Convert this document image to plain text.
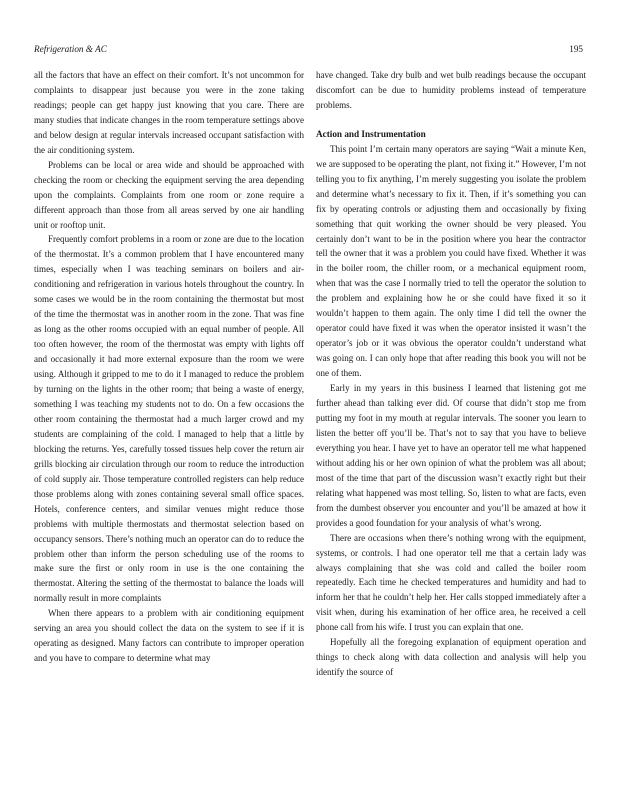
Refrigeration & AC	195

all the factors that have an effect on their comfort. It’s not uncommon for complaints to disappear just because you were in the zone taking readings; people can get happy just knowing that you care. There are many studies that indicate changes in the room temperature settings above and below design at regular intervals increased occupant satisfaction with the air conditioning system.

Problems can be local or area wide and should be approached with checking the room or checking the equipment serving the area depending upon the complaints. Complaints from one room or zone require a different approach than those from all areas served by one air handling unit or rooftop unit.

Frequently comfort problems in a room or zone are due to the location of the thermostat. It’s a common problem that I have encountered many times, especially when I was teaching seminars on boilers and air-conditioning and refrigeration in various hotels throughout the country. In some cases we would be in the room containing the thermostat but most of the time the thermostat was in another room in the zone. That was fine as long as the other rooms occupied with an equal number of people. All too often however, the room of the thermostat was empty with lights off and occasionally it had more external exposure than the room we were using. Although it gripped to me to do it I managed to reduce the problem by turning on the lights in the other room; that being a waste of energy, something I was teaching my students not to do. On a few occasions the other room containing the thermostat had a much larger crowd and my students are complaining of the cold. I managed to help that a little by blocking the returns. Yes, carefully tossed tissues help cover the return air grills blocking air circulation through our room to reduce the introduction of cold supply air. Those temperature controlled registers can help reduce those problems along with zones containing several small office spaces. Hotels, conference centers, and similar venues might reduce those problems with multiple thermostats and thermostat selection based on occupancy sensors. There’s nothing much an operator can do to reduce the problem other than inform the person scheduling use of the rooms to make sure the first or only room in use is the one containing the thermostat. Altering the setting of the thermostat to balance the loads will normally result in more complaints

When there appears to a problem with air conditioning equipment serving an area you should collect the data on the system to see if it is operating as designed. Many factors can contribute to improper operation and you have to compare to determine what may

have changed. Take dry bulb and wet bulb readings because the occupant discomfort can be due to humidity problems instead of temperature problems.

Action and Instrumentation

This point I’m certain many operators are saying “Wait a minute Ken, we are supposed to be operating the plant, not fixing it.” However, I’m not telling you to fix anything, I’m merely suggesting you isolate the problem and determine what’s necessary to fix it. Then, if it’s something you can fix by operating controls or adjusting them and occasionally by fixing something that quit working the owner should be very pleased. You certainly don’t want to be in the position where you hear the contractor tell the owner that it was a problem you could have fixed. Whether it was in the boiler room, the chiller room, or a mechanical equipment room, when that was the case I normally tried to tell the operator the solution to the problem and explaining how he or she could have fixed it so it wouldn’t happen to them again. The only time I did tell the owner the operator could have fixed it was when the operator insisted it wasn’t the operator’s job or it was obvious the operator couldn’t understand what was going on. I can only hope that after reading this book you will not be one of them.

Early in my years in this business I learned that listening got me further ahead than talking ever did. Of course that didn’t stop me from putting my foot in my mouth at regular intervals. The sooner you learn to listen the better off you’ll be. That’s not to say that you have to believe everything you hear. I have yet to have an operator tell me what happened without adding his or her own opinion of what the problem was all about; most of the time that part of the discussion wasn’t exactly right but their relating what happened was most telling. So, listen to what are facts, even from the dumbest observer you encounter and you’ll be amazed at how it provides a good foundation for your analysis of what’s wrong.

There are occasions when there’s nothing wrong with the equipment, systems, or controls. I had one operator tell me that a certain lady was always complaining that she was cold and called the boiler room repeatedly. Each time he checked temperatures and humidity and had to inform her that he couldn’t help her. Her calls stopped immediately after a visit when, during his examination of her office area, he received a cell phone call from his wife. I trust you can explain that one.

Hopefully all the foregoing explanation of equipment operation and things to check along with data collection and analysis will help you identify the source of
